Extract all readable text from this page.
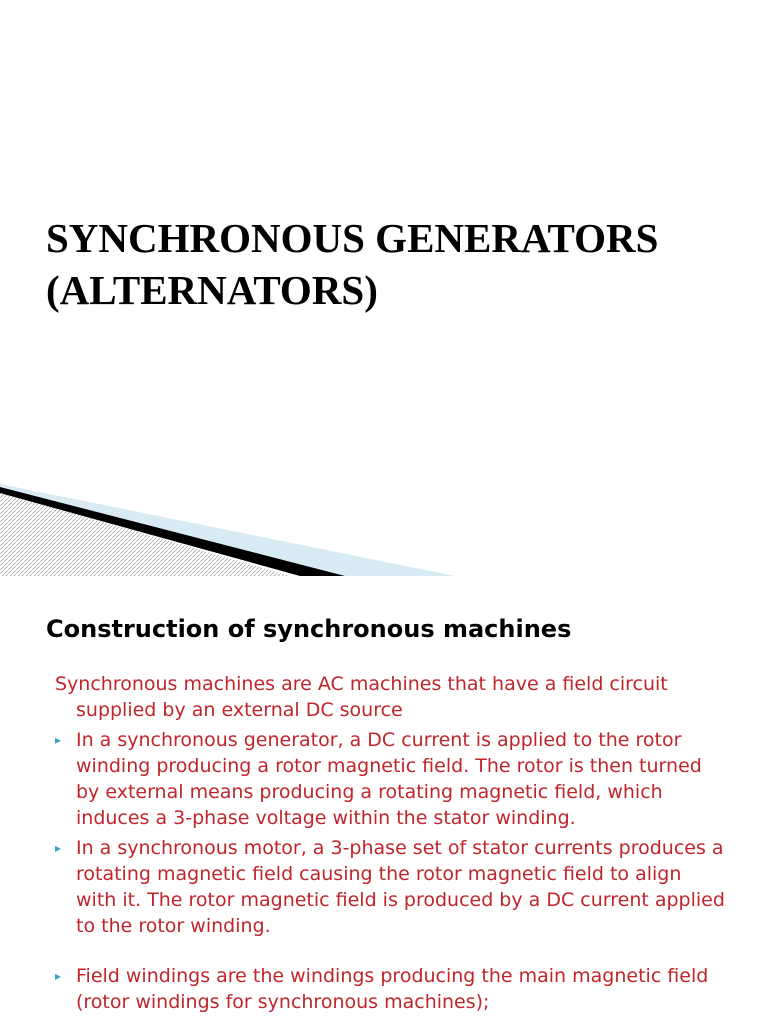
SYNCHRONOUS GENERATORS
(ALTERNATORS)
Construction of synchronous machines

Synchronous machines are AC machines that have a field circuit supplied by an external DC source

▸ In a synchronous generator, a DC current is applied to the rotor winding producing a rotor magnetic field. The rotor is then turned by external means producing a rotating magnetic field, which induces a 3-phase voltage within the stator winding.
▸ In a synchronous motor, a 3-phase set of stator currents produces a rotating magnetic field causing the rotor magnetic field to align with it. The rotor magnetic field is produced by a DC current applied to the rotor winding.
▸ Field windings are the windings producing the main magnetic field (rotor windings for synchronous machines);
